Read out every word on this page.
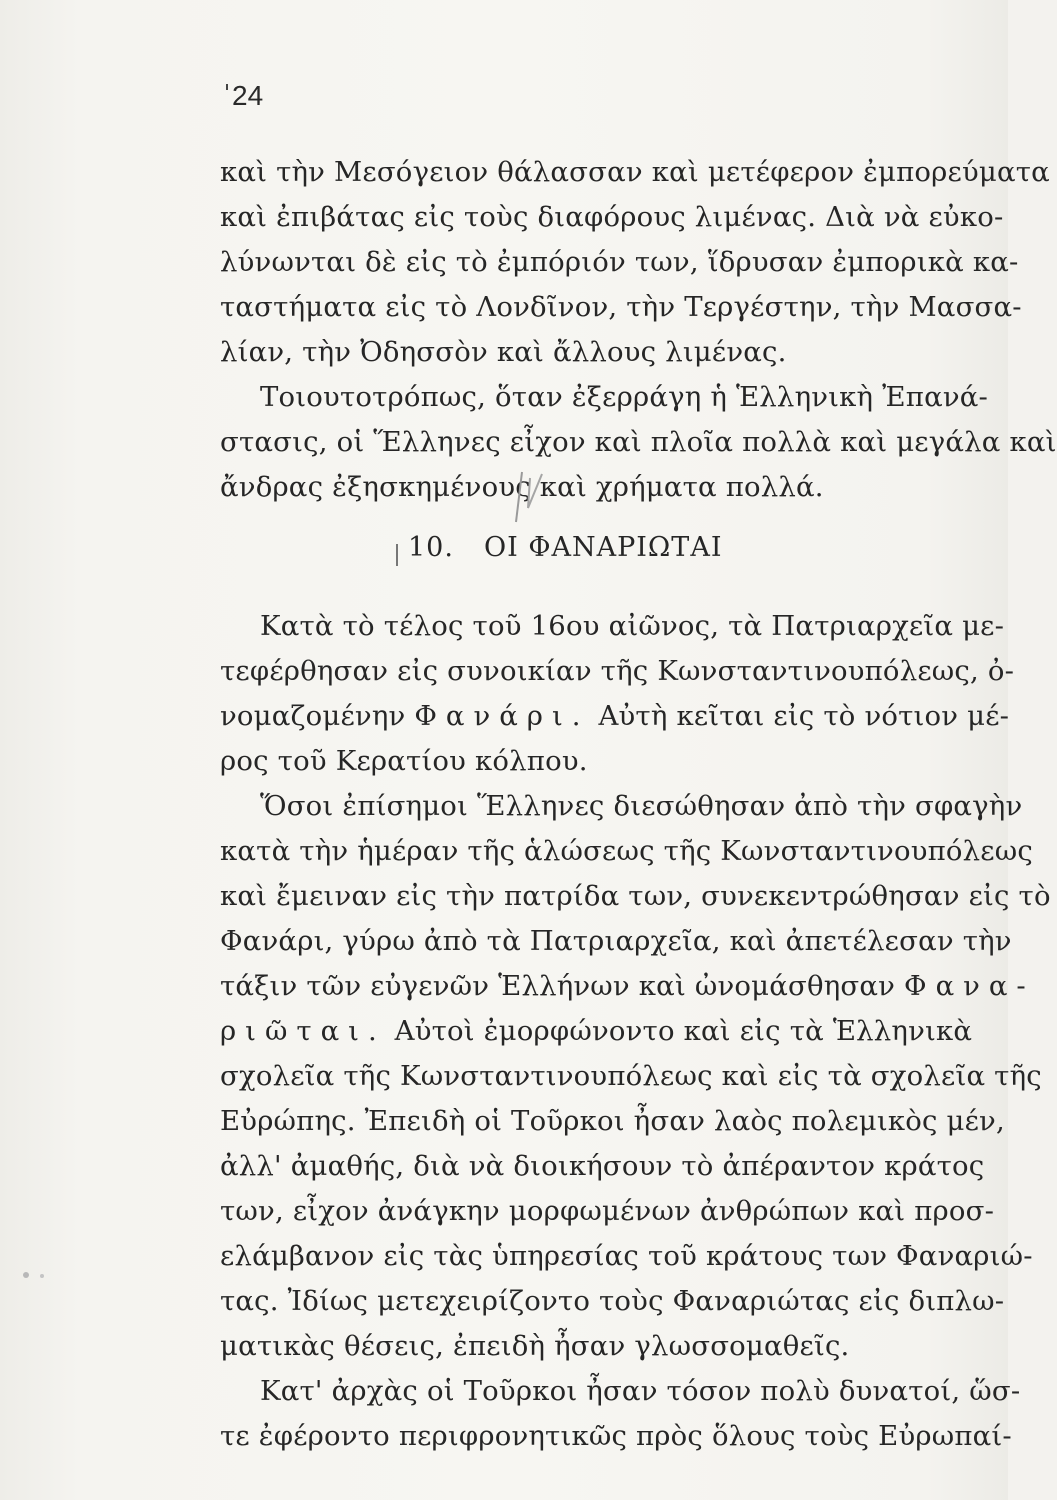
24
καὶ τὴν Μεσόγειον θάλασσαν καὶ μετέφερον ἐμπορεύματα
καὶ ἐπιβάτας εἰς τοὺς διαφόρους λιμένας. Διὰ νὰ εὐκο-
λύνωνται δὲ εἰς τὸ ἐμπόριόν των, ἵδρυσαν ἐμπορικὰ κα-
ταστήματα εἰς τὸ Λονδῖνον, τὴν Τεργέστην, τὴν Μασσα-
λίαν, τὴν Ὀδησσὸν καὶ ἄλλους λιμένας.
Τοιουτοτρόπως, ὅταν ἐξερράγη ἡ Ἑλληνικὴ Ἐπανά-
στασις, οἱ Ἕλληνες εἶχον καὶ πλοῖα πολλὰ καὶ μεγάλα καὶ
ἄνδρας ἐξησκημένους καὶ χρήματα πολλά.
10. ΟΙ ΦΑΝΑΡΙΩΤΑΙ
Κατὰ τὸ τέλος τοῦ 16ου αἰῶνος, τὰ Πατριαρχεῖα με-
τεφέρθησαν εἰς συνοικίαν τῆς Κωνσταντινουπόλεως, ὀ-
νομαζομένην Φανάρι. Αὐτὴ κεῖται εἰς τὸ νότιον μέ-
ρος τοῦ Κερατίου κόλπου.
Ὅσοι ἐπίσημοι Ἕλληνες διεσώθησαν ἀπὸ τὴν σφαγὴν
κατὰ τὴν ἡμέραν τῆς ἁλώσεως τῆς Κωνσταντινουπόλεως
καὶ ἔμειναν εἰς τὴν πατρίδα των, συνεκεντρώθησαν εἰς τὸ
Φανάρι, γύρω ἀπὸ τὰ Πατριαρχεῖα, καὶ ἀπετέλεσαν τὴν
τάξιν τῶν εὐγενῶν Ἑλλήνων καὶ ὠνομάσθησαν Φανα-
ριῶται. Αὐτοὶ ἐμορφώνοντο καὶ εἰς τὰ Ἑλληνικὰ
σχολεῖα τῆς Κωνσταντινουπόλεως καὶ εἰς τὰ σχολεῖα τῆς
Εὐρώπης. Ἐπειδὴ οἱ Τοῦρκοι ἦσαν λαὸς πολεμικὸς μέν,
ἀλλ' ἀμαθής, διὰ νὰ διοικήσουν τὸ ἀπέραντον κράτος
των, εἶχον ἀνάγκην μορφωμένων ἀνθρώπων καὶ προσ-
ελάμβανον εἰς τὰς ὑπηρεσίας τοῦ κράτους των Φαναριώ-
τας. Ἰδίως μετεχειρίζοντο τοὺς Φαναριώτας εἰς διπλω-
ματικὰς θέσεις, ἐπειδὴ ἦσαν γλωσσομαθεῖς.
Κατ' ἀρχὰς οἱ Τοῦρκοι ἦσαν τόσον πολὺ δυνατοί, ὥσ-
τε ἐφέροντο περιφρονητικῶς πρὸς ὅλους τοὺς Εὐρωπαί-
